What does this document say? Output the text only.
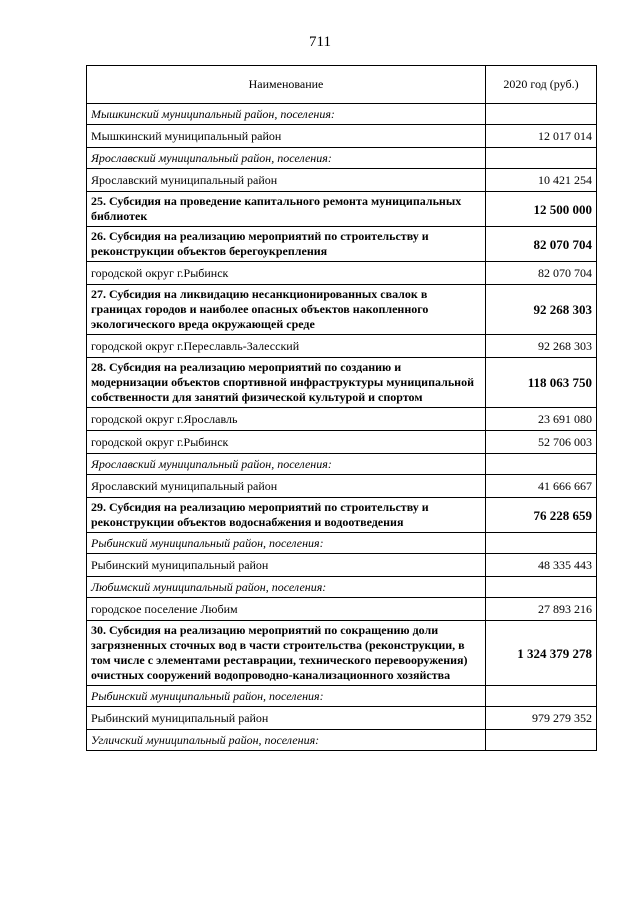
711
Наименование	2020 год (руб.)
Мышкинский муниципальный район, поселения:	
Мышкинский муниципальный район	12 017 014
Ярославский муниципальный район, поселения:	
Ярославский муниципальный район	10 421 254
25. Субсидия на проведение капитального ремонта муниципальных библиотек	12 500 000
26. Субсидия на реализацию мероприятий по строительству и реконструкции объектов берегоукрепления	82 070 704
городской округ г.Рыбинск	82 070 704
27. Субсидия на ликвидацию несанкционированных свалок в границах городов и наиболее опасных объектов накопленного экологического вреда окружающей среде	92 268 303
городской округ г.Переславль-Залесский	92 268 303
28. Субсидия на реализацию мероприятий по созданию и модернизации объектов спортивной инфраструктуры муниципальной собственности для занятий физической культурой и спортом	118 063 750
городской округ г.Ярославль	23 691 080
городской округ г.Рыбинск	52 706 003
Ярославский муниципальный район, поселения:	
Ярославский муниципальный район	41 666 667
29. Субсидия на реализацию мероприятий по строительству и реконструкции объектов водоснабжения и водоотведения	76 228 659
Рыбинский муниципальный район, поселения:	
Рыбинский муниципальный район	48 335 443
Любимский муниципальный район, поселения:	
городское поселение Любим	27 893 216
30. Субсидия на реализацию мероприятий по сокращению доли загрязненных сточных вод в части строительства (реконструкции, в том числе с элементами реставрации, технического перевооружения) очистных сооружений водопроводно-канализационного хозяйства	1 324 379 278
Рыбинский муниципальный район, поселения:	
Рыбинский муниципальный район	979 279 352
Угличский муниципальный район, поселения:	
